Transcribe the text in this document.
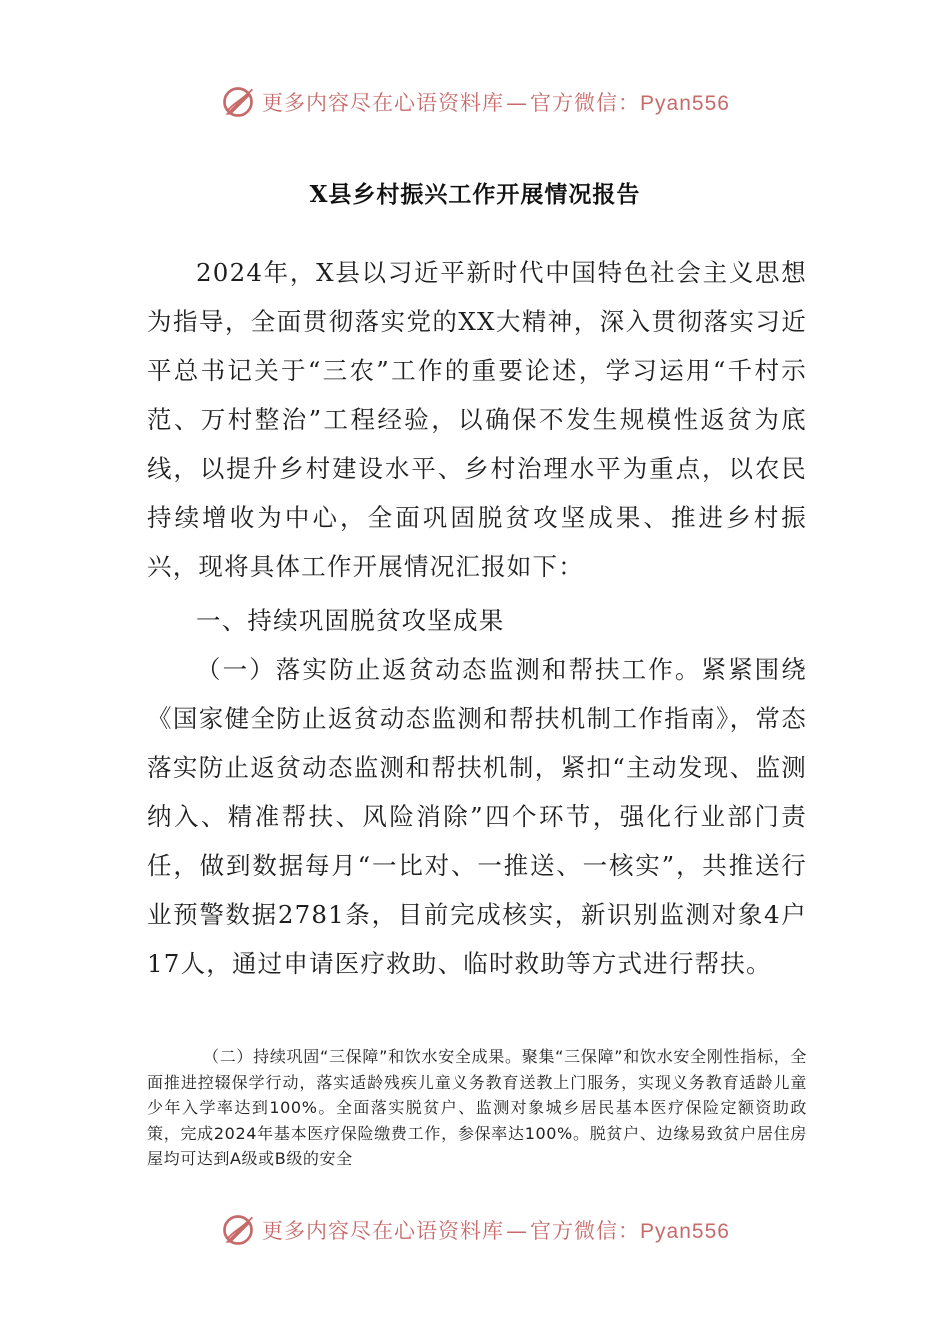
更多内容尽在心语资料库—官方微信：Pyan556
X县乡村振兴工作开展情况报告

2024年，X县以习近平新时代中国特色社会主义思想为指导，全面贯彻落实党的XX大精神，深入贯彻落实习近平总书记关于“三农”工作的重要论述，学习运用“千村示范、万村整治”工程经验，以确保不发生规模性返贫为底线，以提升乡村建设水平、乡村治理水平为重点，以农民持续增收为中心，全面巩固脱贫攻坚成果、推进乡村振兴，现将具体工作开展情况汇报如下：

一、持续巩固脱贫攻坚成果

（一）落实防止返贫动态监测和帮扶工作。紧紧围绕《国家健全防止返贫动态监测和帮扶机制工作指南》，常态落实防止返贫动态监测和帮扶机制，紧扣“主动发现、监测纳入、精准帮扶、风险消除”四个环节，强化行业部门责任，做到数据每月“一比对、一推送、一核实”，共推送行业预警数据2781条，目前完成核实，新识别监测对象4户17人，通过申请医疗救助、临时救助等方式进行帮扶。

（二）持续巩固“三保障”和饮水安全成果。聚集“三保障”和饮水安全刚性指标，全面推进控辍保学行动，落实适龄残疾儿童义务教育送教上门服务，实现义务教育适龄儿童少年入学率达到100%。全面落实脱贫户、监测对象城乡居民基本医疗保险定额资助政策，完成2024年基本医疗保险缴费工作，参保率达100%。脱贫户、边缘易致贫户居住房屋均可达到A级或B级的安全

更多内容尽在心语资料库—官方微信：Pyan556
